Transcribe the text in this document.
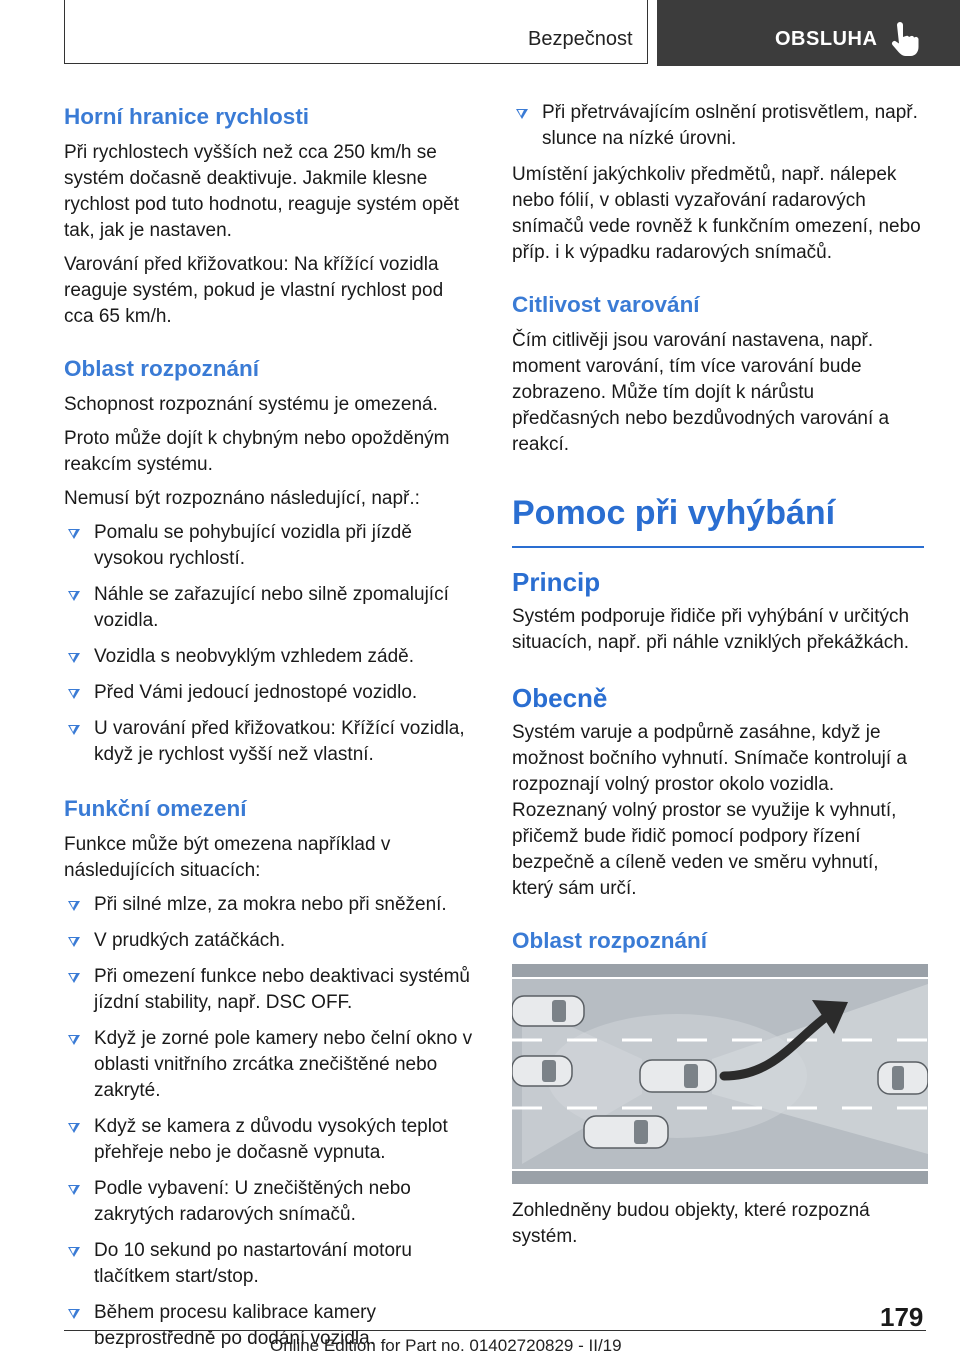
Bezpečnost	OBSLUHA
Horní hranice rychlosti

Při rychlostech vyšších než cca 250 km/h se systém dočasně deaktivuje. Jakmile klesne rychlost pod tuto hodnotu, reaguje systém opět tak, jak je nastaven.

Varování před křižovatkou: Na křížící vozidla reaguje systém, pokud je vlastní rychlost pod cca 65 km/h.

Oblast rozpoznání

Schopnost rozpoznání systému je omezená.

Proto může dojít k chybným nebo opožděným reakcím systému.

Nemusí být rozpoznáno následující, např.:

Pomalu se pohybující vozidla při jízdě vysokou rychlostí.
Náhle se zařazující nebo silně zpomalující vozidla.
Vozidla s neobvyklým vzhledem zádě.
Před Vámi jedoucí jednostopé vozidlo.
U varování před křižovatkou: Křížící vozidla, když je rychlost vyšší než vlastní.
Funkční omezení

Funkce může být omezena například v následujících situacích:

Při silné mlze, za mokra nebo při sněžení.
V prudkých zatáčkách.
Při omezení funkce nebo deaktivaci systémů jízdní stability, např. DSC OFF.
Když je zorné pole kamery nebo čelní okno v oblasti vnitřního zrcátka znečištěné nebo zakryté.
Když se kamera z důvodu vysokých teplot přehřeje nebo je dočasně vypnuta.
Podle vybavení: U znečištěných nebo zakrytých radarových snímačů.
Do 10 sekund po nastartování motoru tlačítkem start/stop.
Během procesu kalibrace kamery bezprostředně po dodání vozidla.
Při přetrvávajícím oslnění protisvětlem, např. slunce na nízké úrovni.

Umístění jakýchkoliv předmětů, např. nálepek nebo fólií, v oblasti vyzařování radarových snímačů vede rovněž k funkčním omezení, nebo příp. i k výpadku radarových snímačů.

Citlivost varování

Čím citlivěji jsou varování nastavena, např. moment varování, tím více varování bude zobrazeno. Může tím dojít k nárůstu předčasných nebo bezdůvodných varování a reakcí.

Pomoc při vyhýbání
Princip

Systém podporuje řidiče při vyhýbání v určitých situacích, např. při náhle vzniklých překážkách.

Obecně

Systém varuje a podpůrně zasáhne, když je možnost bočního vyhnutí. Snímače kontrolují a rozpoznají volný prostor okolo vozidla. Rozeznaný volný prostor se využije k vyhnutí, přičemž bude řidič pomocí podpory řízení bezpečně a cíleně veden ve směru vyhnutí, který sám určí.

Oblast rozpoznání

Zohledněny budou objekty, které rozpozná systém.

179
Online Edition for Part no. 01402720829 - II/19
